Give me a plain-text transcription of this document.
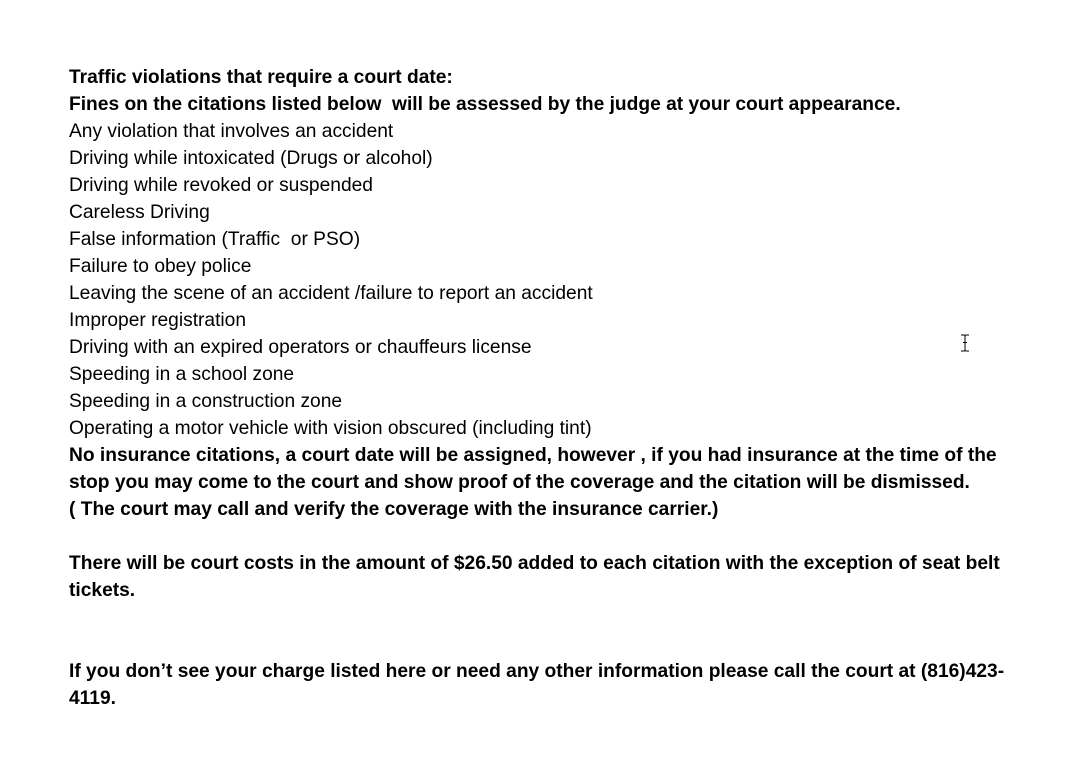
Traffic violations that require a court date:
Fines on the citations listed below  will be assessed by the judge at your court appearance.
Any violation that involves an accident
Driving while intoxicated (Drugs or alcohol)
Driving while revoked or suspended
Careless Driving
False information (Traffic  or PSO)
Failure to obey police
Leaving the scene of an accident /failure to report an accident
Improper registration
Driving with an expired operators or chauffeurs license
Speeding in a school zone
Speeding in a construction zone
Operating a motor vehicle with vision obscured (including tint)
No insurance citations, a court date will be assigned, however , if you had insurance at the time of the stop you may come to the court and show proof of the coverage and the citation will be dismissed.
( The court may call and verify the coverage with the insurance carrier.)
There will be court costs in the amount of $26.50 added to each citation with the exception of seat belt tickets.
If you don’t see your charge listed here or need any other information please call the court at (816)423-4119.
